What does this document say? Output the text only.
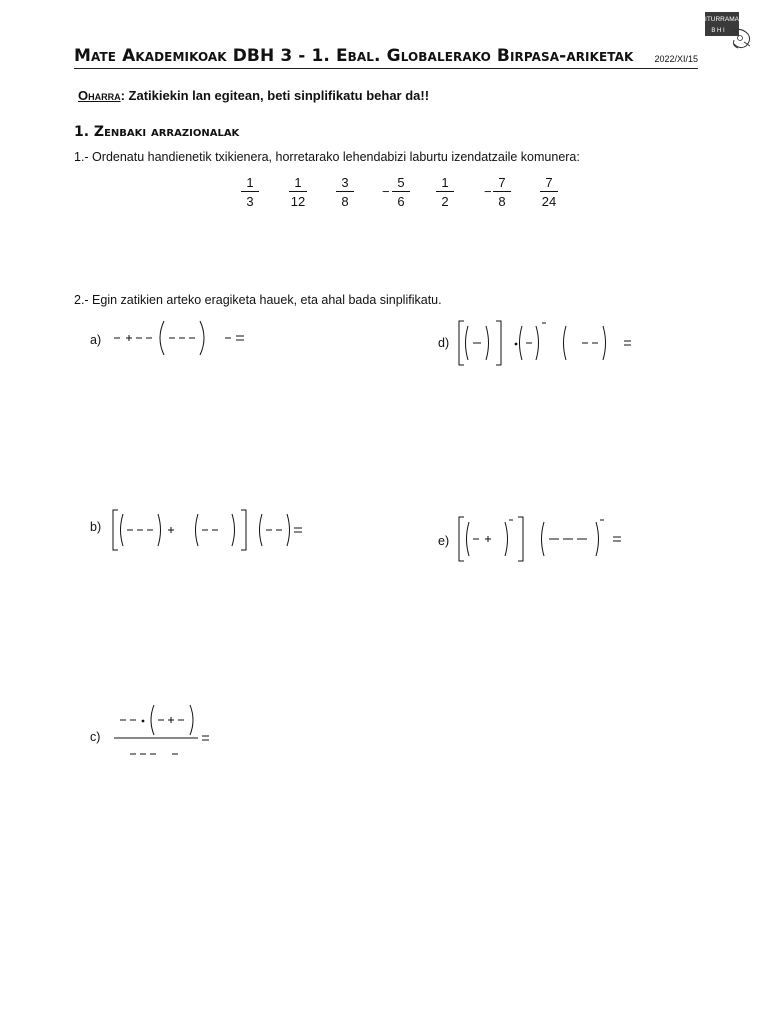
ITURRAMA
B H I
Mate Akademikoak DBH 3 - 1. Ebal. Globalerako Birpasa-ariketak 2022/XI/15
Oharra: Zatikiekin lan egitean, beti sinplifikatu behar da!!
1. Zenbaki arrazionalak
1.- Ordenatu handienetik txikienera, horretarako lehendabizi laburtu izendatzaile komunera:
−	−
1
3
1
12
3
8
5
6
1
2
7
8
7
24
2.- Egin zatikien arteko eragiketa hauek, eta ahal bada sinplifikatu.
a)	d)
b)
e)
c)
